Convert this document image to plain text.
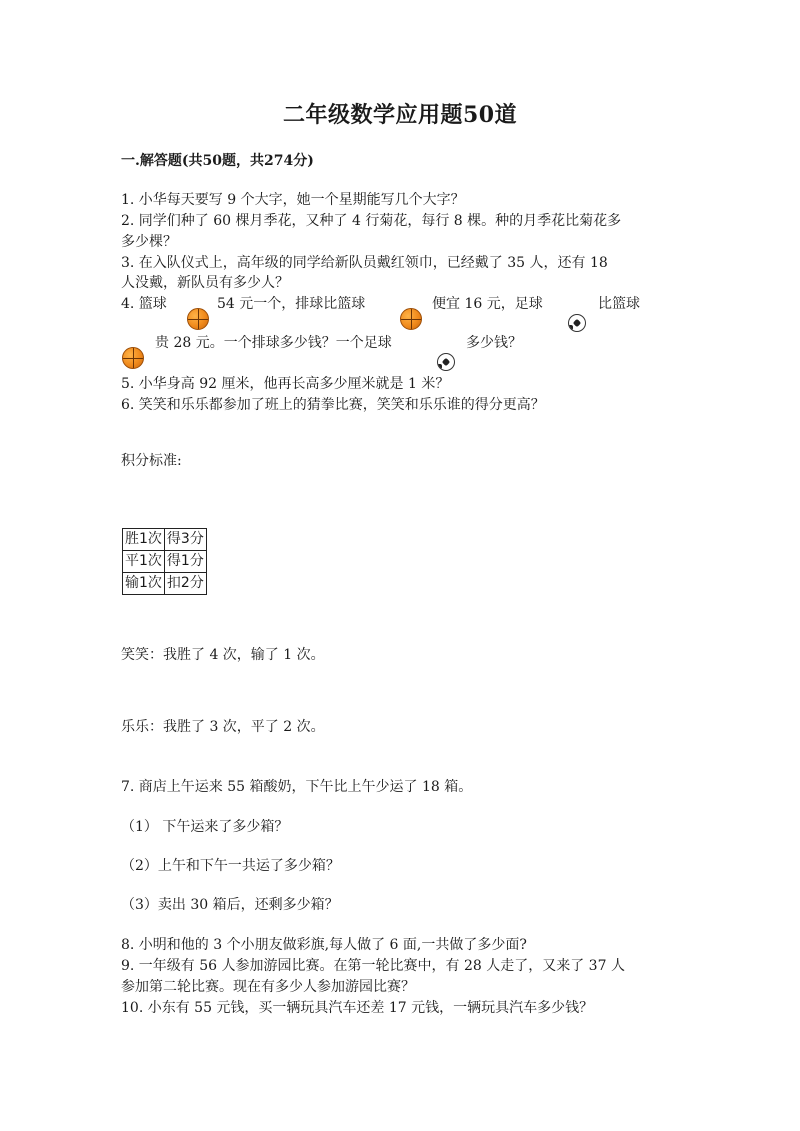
二年级数学应用题50道
一.解答题(共50题，共274分)
1. 小华每天要写 9 个大字，她一个星期能写几个大字？
2. 同学们种了 60 棵月季花，又种了 4 行菊花，每行 8 棵。种的月季花比菊花多
多少棵？
3. 在入队仪式上，高年级的同学给新队员戴红领巾，已经戴了 35 人，还有 18
人没戴，新队员有多少人？
4. 篮球	54 元一个，排球比篮球	便宜 16 元，足球	比篮球
贵 28 元。一个排球多少钱？一个足球	多少钱？
5. 小华身高 92 厘米，他再长高多少厘米就是 1 米？
6. 笑笑和乐乐都参加了班上的猜拳比赛，笑笑和乐乐谁的得分更高？
积分标准:
胜1次	得3分
平1次	得1分
输1次	扣2分
笑笑：我胜了 4 次，输了 1 次。
乐乐：我胜了 3 次，平了 2 次。
7. 商店上午运来 55 箱酸奶，下午比上午少运了 18 箱。
（1） 下午运来了多少箱？
（2）上午和下午一共运了多少箱？
（3）卖出 30 箱后，还剩多少箱？
8. 小明和他的 3 个小朋友做彩旗,每人做了 6 面,一共做了多少面?
9. 一年级有 56 人参加游园比赛。在第一轮比赛中，有 28 人走了，又来了 37 人
参加第二轮比赛。现在有多少人参加游园比赛？
10. 小东有 55 元钱，买一辆玩具汽车还差 17 元钱，一辆玩具汽车多少钱？
